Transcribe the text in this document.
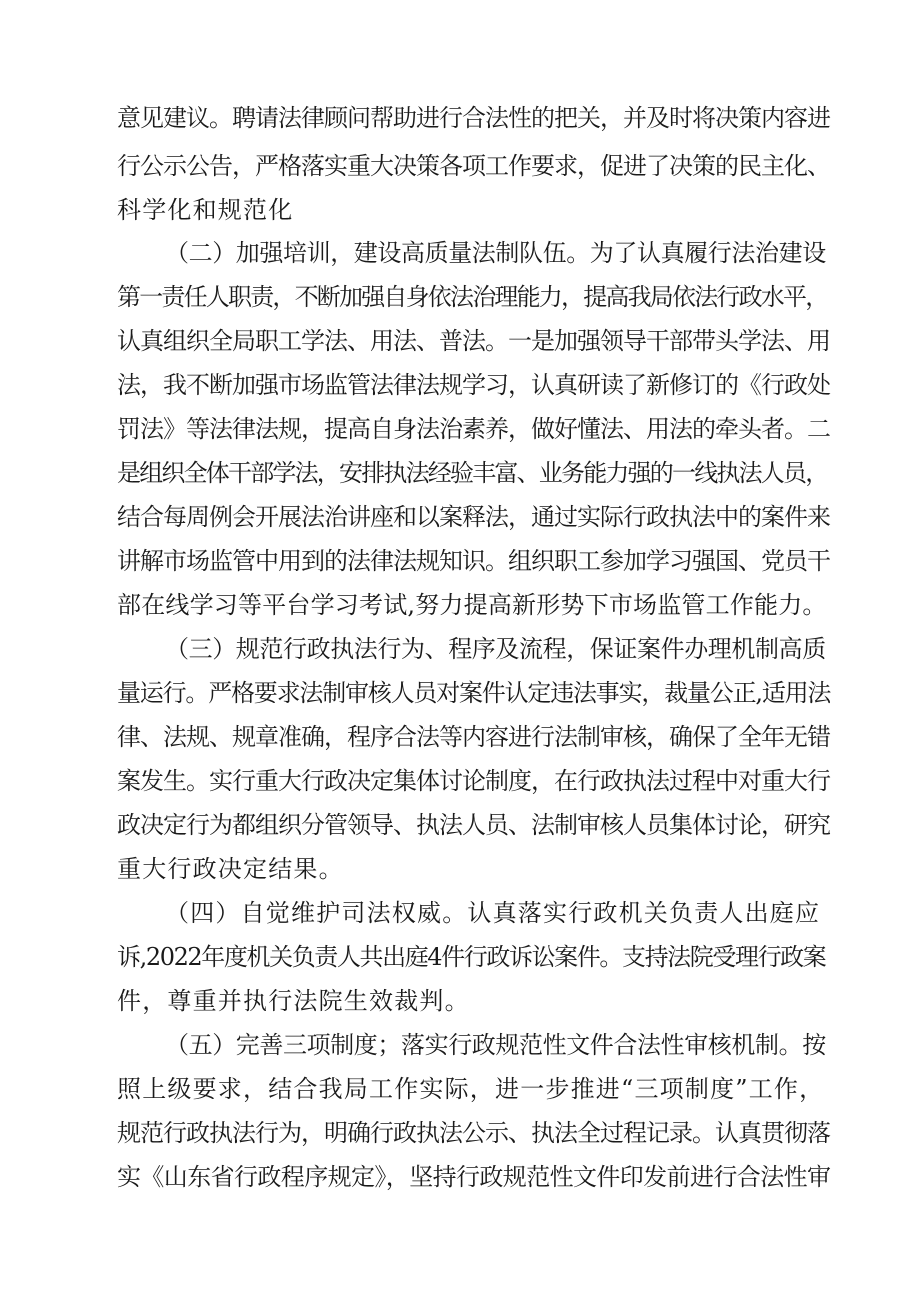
意见建议。聘请法律顾问帮助进行合法性的把关，并及时将决策内容进
行公示公告，严格落实重大决策各项工作要求，促进了决策的民主化、
科学化和规范化
（二）加强培训，建设高质量法制队伍。为了认真履行法治建设
第一责任人职责，不断加强自身依法治理能力，提高我局依法行政水平，
认真组织全局职工学法、用法、普法。一是加强领导干部带头学法、用
法，我不断加强市场监管法律法规学习，认真研读了新修订的《行政处
罚法》等法律法规，提高自身法治素养，做好懂法、用法的牵头者。二
是组织全体干部学法，安排执法经验丰富、业务能力强的一线执法人员，
结合每周例会开展法治讲座和以案释法，通过实际行政执法中的案件来
讲解市场监管中用到的法律法规知识。组织职工参加学习强国、党员干
部在线学习等平台学习考试,努力提高新形势下市场监管工作能力。
（三）规范行政执法行为、程序及流程，保证案件办理机制高质
量运行。严格要求法制审核人员对案件认定违法事实，裁量公正,适用法
律、法规、规章准确，程序合法等内容进行法制审核，确保了全年无错
案发生。实行重大行政决定集体讨论制度，在行政执法过程中对重大行
政决定行为都组织分管领导、执法人员、法制审核人员集体讨论，研究
重大行政决定结果。
（四）自觉维护司法权威。认真落实行政机关负责人出庭应
诉,2022年度机关负责人共出庭4件行政诉讼案件。支持法院受理行政案
件，尊重并执行法院生效裁判。
（五）完善三项制度；落实行政规范性文件合法性审核机制。按
照上级要求，结合我局工作实际，进一步推进“三项制度”工作，
规范行政执法行为，明确行政执法公示、执法全过程记录。认真贯彻落
实《山东省行政程序规定》，坚持行政规范性文件印发前进行合法性审
